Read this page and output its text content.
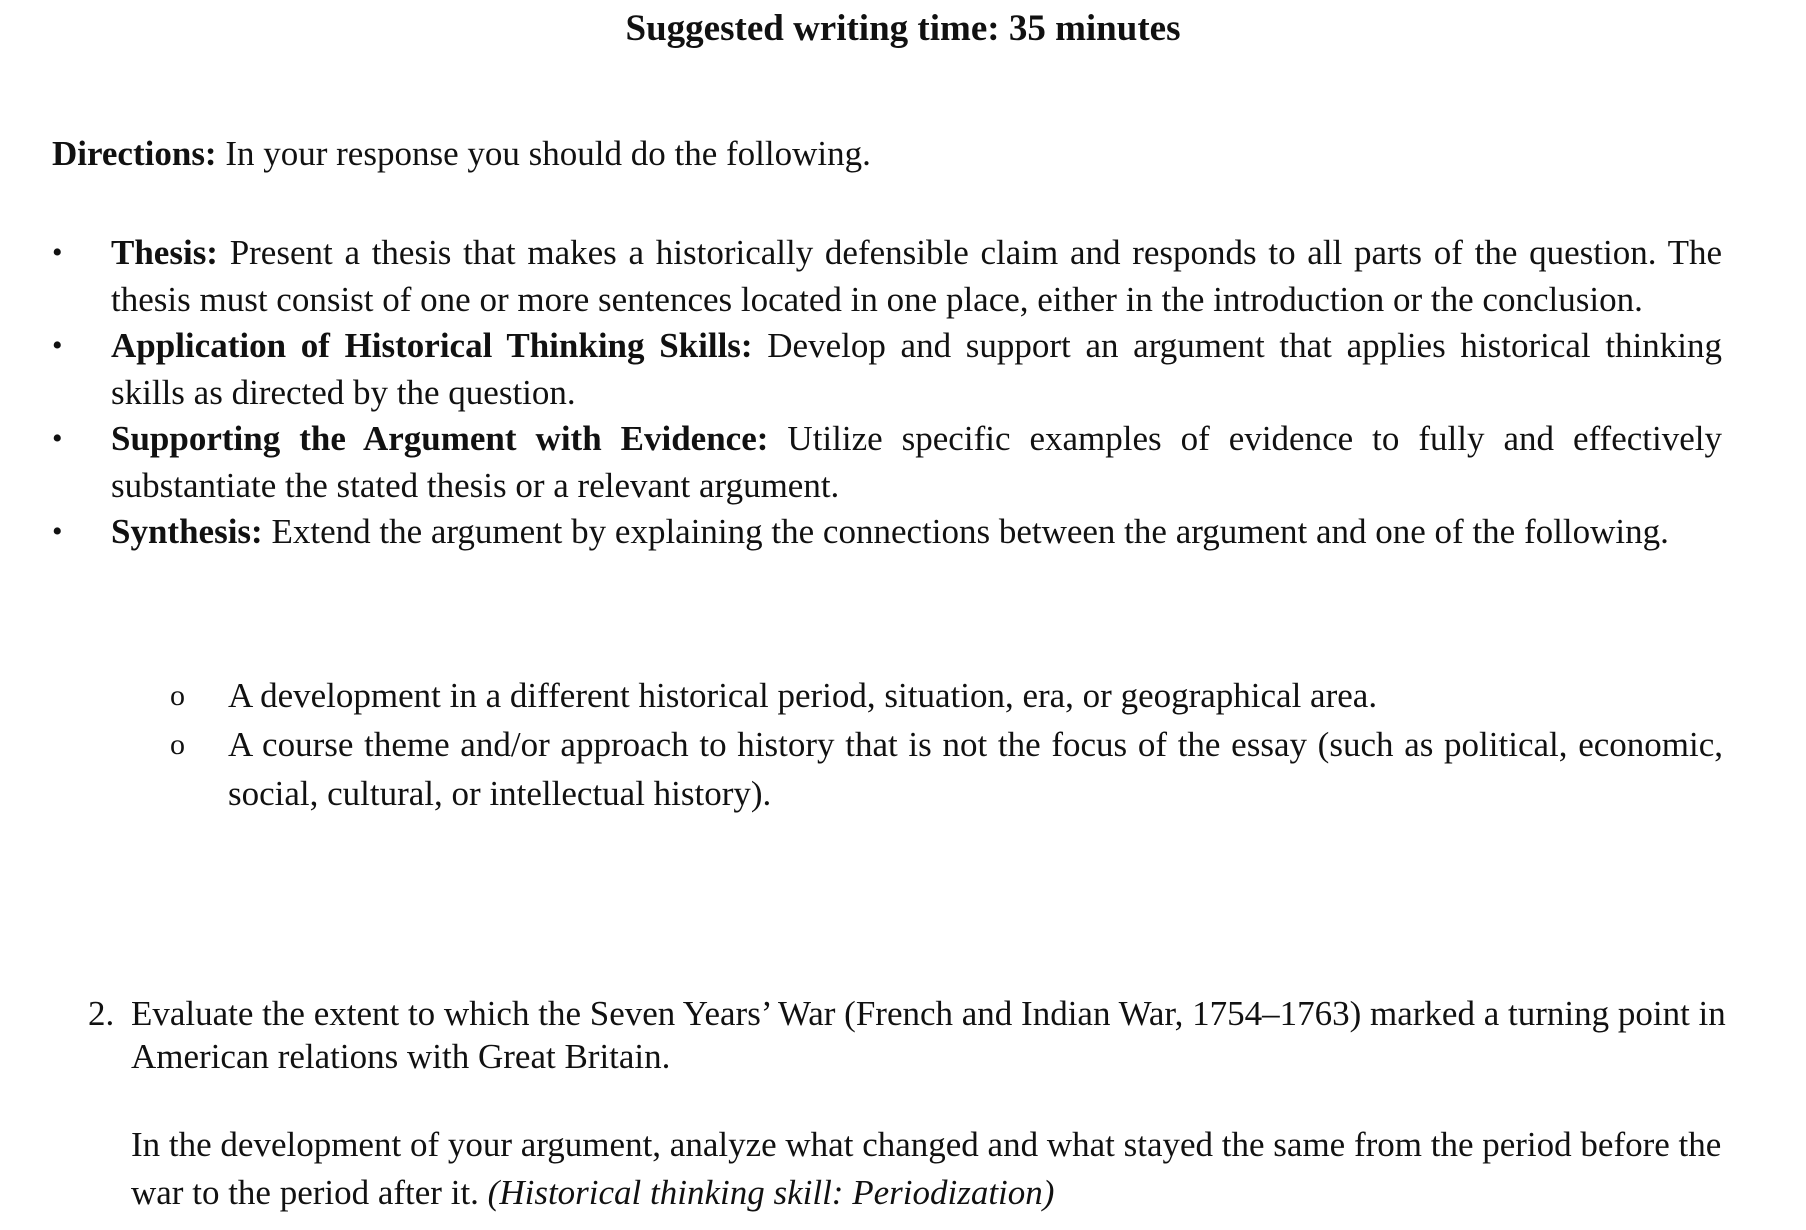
Suggested writing time: 35 minutes

Directions: In your response you should do the following.

• Thesis: Present a thesis that makes a historically defensible claim and responds to all parts of the question. The thesis must consist of one or more sentences located in one place, either in the introduction or the conclusion.
• Application of Historical Thinking Skills: Develop and support an argument that applies historical thinking skills as directed by the question.
• Supporting the Argument with Evidence: Utilize specific examples of evidence to fully and effectively substantiate the stated thesis or a relevant argument.
• Synthesis: Extend the argument by explaining the connections between the argument and one of the following.
o A development in a different historical period, situation, era, or geographical area.
o A course theme and/or approach to history that is not the focus of the essay (such as political, economic, social, cultural, or intellectual history).
2. Evaluate the extent to which the Seven Years’ War (French and Indian War, 1754–1763) marked a turning point in American relations with Great Britain.

In the development of your argument, analyze what changed and what stayed the same from the period before the war to the period after it. (Historical thinking skill: Periodization)
